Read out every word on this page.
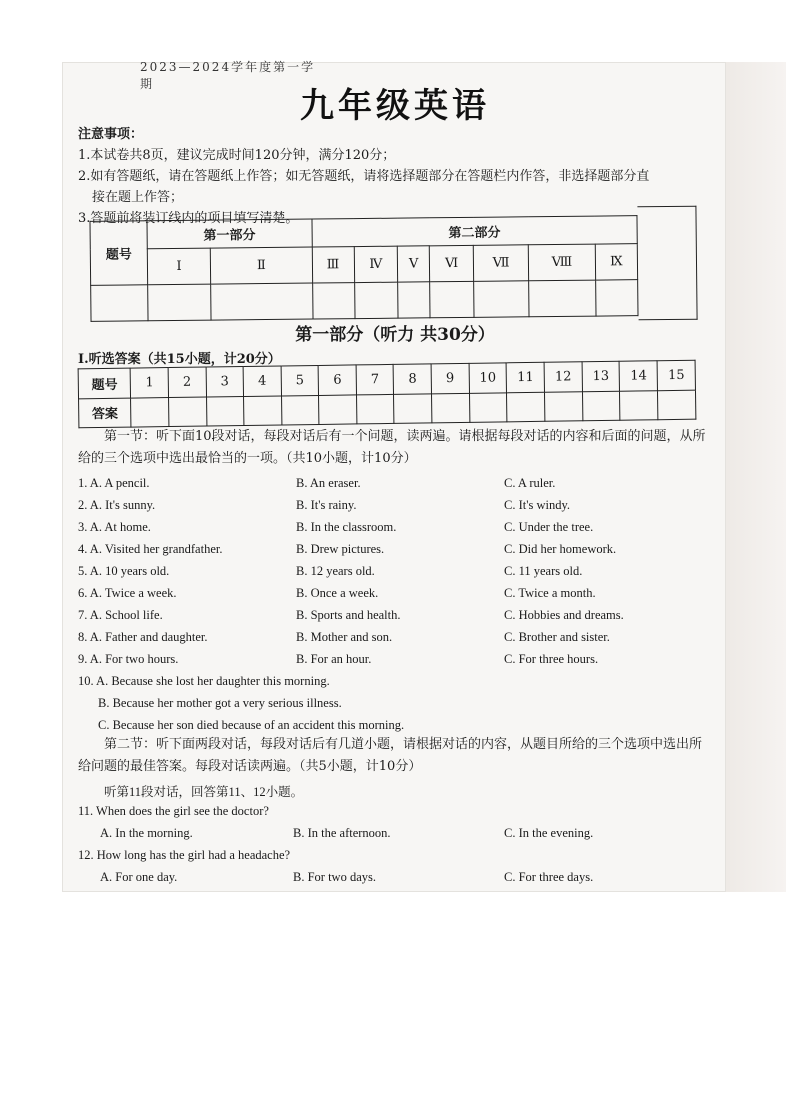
2023—2024学年度第一学期
九年级英语
注意事项：
1.本试卷共8页，建议完成时间120分钟，满分120分；
2.如有答题纸，请在答题纸上作答；如无答题纸，请将选择题部分在答题栏内作答，非选择题部分直
接在题上作答；
3.答题前将装订线内的项目填写清楚。
题号	第一部分		第二部分						
	Ⅰ	Ⅱ	Ⅲ	Ⅳ	Ⅴ	Ⅵ	Ⅶ	Ⅷ	Ⅸ

第一部分（听力 共30分）
Ⅰ.听选答案（共15小题，计20分）
题号	1	2	3	4	5	6	7	8	9	10	11	12	13	14	15
答案															
第一节：听下面10段对话，每段对话后有一个问题，读两遍。请根据每段对话的内容和后面的问题，从所给的三个选项中选出最恰当的一项。（共10小题，计10分）
1. A. A pencil.	B. An eraser.	C. A ruler.
2. A. It's sunny.	B. It's rainy.	C. It's windy.
3. A. At home.	B. In the classroom.	C. Under the tree.
4. A. Visited her grandfather.	B. Drew pictures.	C. Did her homework.
5. A. 10 years old.	B. 12 years old.	C. 11 years old.
6. A. Twice a week.	B. Once a week.	C. Twice a month.
7. A. School life.	B. Sports and health.	C. Hobbies and dreams.
8. A. Father and daughter.	B. Mother and son.	C. Brother and sister.
9. A. For two hours.	B. For an hour.	C. For three hours.
10. A. Because she lost her daughter this morning.
B. Because her mother got a very serious illness.
C. Because her son died because of an accident this morning.
第二节：听下面两段对话，每段对话后有几道小题，请根据对话的内容，从题目所给的三个选项中选出所给问题的最佳答案。每段对话读两遍。（共5小题，计10分）
听第11段对话，回答第11、12小题。
11. When does the girl see the doctor?
A. In the morning.	B. In the afternoon.	C. In the evening.
12. How long has the girl had a headache?
A. For one day.	B. For two days.	C. For three days.
